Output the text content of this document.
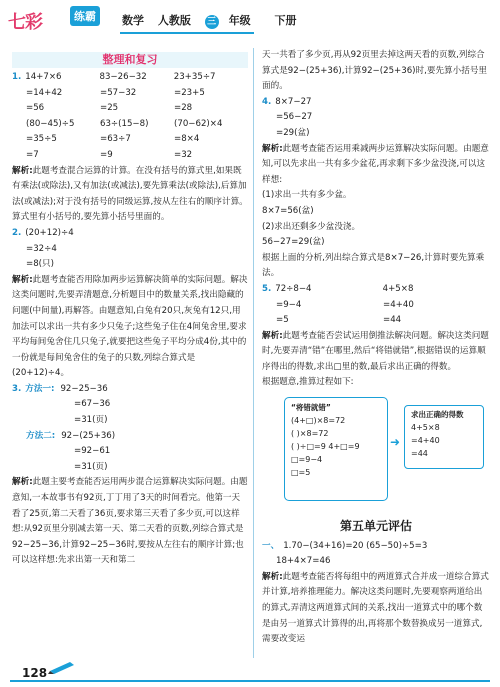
七彩	练霸	数学 人教版 三 年级 下册
整理和复习
1. 14+7×6	83−26−32	23+35÷7
=14+42	=57−32	=23+5
=56	=25	=28
(80−45)÷5	63÷(15−8)	(70−62)×4
=35÷5	=63÷7	=8×4
=7	=9	=32
解析:此题考查混合运算的计算。在没有括号的算式里,如果既有乘法(或除法),又有加法(或减法),要先算乘法(或除法),后算加法(或减法);对于没有括号的同级运算,按从左往右的顺序计算。算式里有小括号的,要先算小括号里面的。
2. (20+12)÷4
=32÷4
=8(只)
解析:此题考查能否用除加两步运算解决简单的实际问题。解决这类问题时,先要弄清题意,分析题目中的数量关系,找出隐藏的问题(中间量),再解答。由题意知,白兔有20只,灰兔有12只,用加法可以求出一共有多少只兔子;这些兔子住在4间兔舍里,要求平均每间兔舍住几只兔子,就要把这些兔子平均分成4份,其中的一份就是每间兔舍住的兔子的只数,列综合算式是(20+12)÷4。
3. 方法一: 92−25−36
=67−36
=31(页)
方法二: 92−(25+36)
=92−61
=31(页)
解析:此题主要考查能否运用两步混合运算解决实际问题。由题意知,一本故事书有92页,丁丁用了3天的时间看完。他第一天看了25页,第二天看了36页,要求第三天看了多少页,可以这样想:从92页里分别减去第一天、第二天看的页数,列综合算式是92−25−36,计算92−25−36时,要按从左往右的顺序计算;也可以这样想:先求出第一天和第二
天一共看了多少页,再从92页里去掉这两天看的页数,列综合算式是92−(25+36),计算92−(25+36)时,要先算小括号里面的。
4. 8×7−27
=56−27
=29(盆)
解析:此题考查能否运用乘减两步运算解决实际问题。由题意知,可以先求出一共有多少盆花,再求剩下多少盆没浇,可以这样想:
(1)求出一共有多少盆。
8×7=56(盆)
(2)求出还剩多少盆没浇。
56−27=29(盆)
根据上面的分析,列出综合算式是8×7−26,计算时要先算乘法。
5. 72÷8−4	4+5×8
=9−4	=4+40
=5	=44
解析:此题考查能否尝试运用倒推法解决问题。解决这类问题时,先要弄清“错”在哪里,然后“将错就错”,根据错误的运算顺序得出的得数,求出□里的数,最后求出正确的得数。
根据题意,推算过程如下:
“将错就错”
(4+□)×8=72
( )×8=72
( )÷□=9 4+□=9
□=9−4
□=5
➜
求出正确的得数
4+5×8
=4+40
=44
第五单元评估
一、 1.70−(34+16)=20 (65−50)÷5=3
18+4×7=46
解析:此题考查能否将每组中的两道算式合并成一道综合算式并计算,培养推理能力。解决这类问题时,先要观察两道给出的算式,弄清这两道算式间的关系,找出一道算式中的哪个数是由另一道算式计算得的出,再将那个数替换成另一道算式,需要改变运
128
